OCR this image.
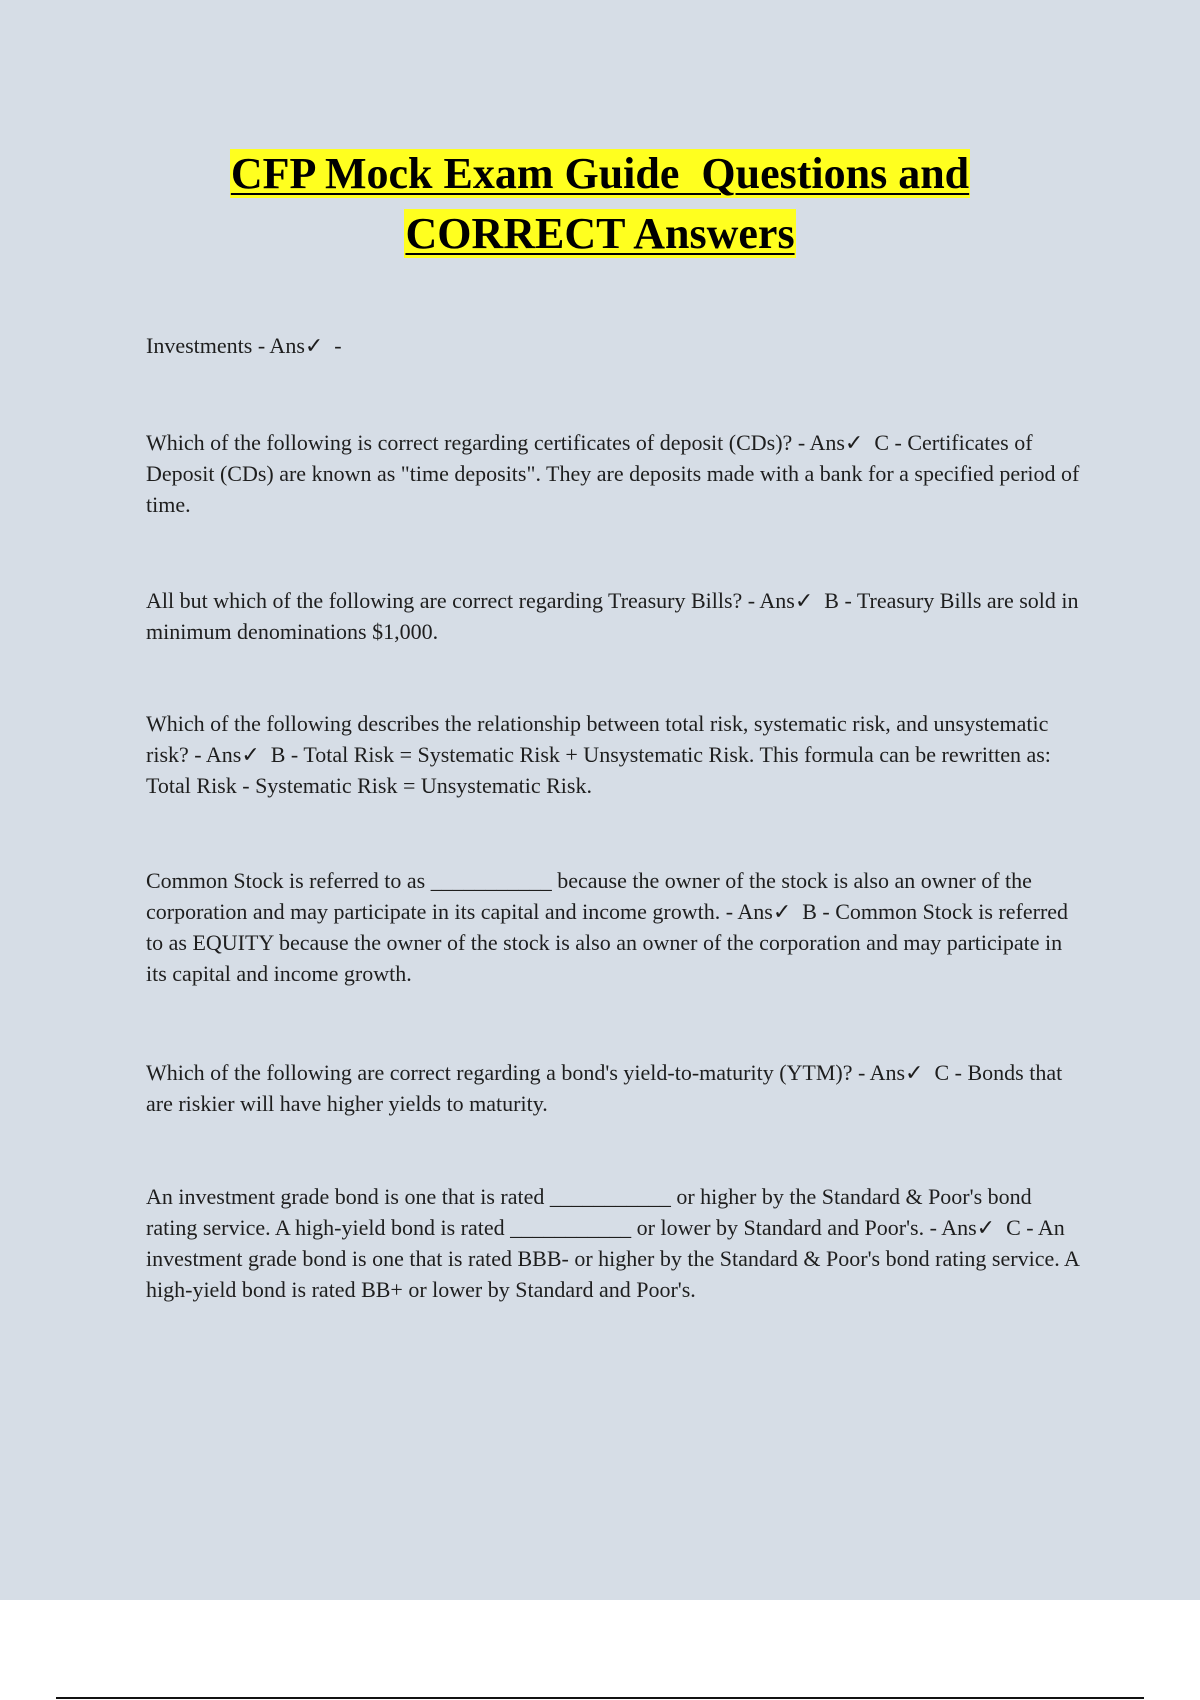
CFP Mock Exam Guide  Questions and
CORRECT Answers
Investments - Ans✓  -
Which of the following is correct regarding certificates of deposit (CDs)? - Ans✓  C - Certificates of Deposit (CDs) are known as "time deposits". They are deposits made with a bank for a specified period of time.
All but which of the following are correct regarding Treasury Bills? - Ans✓  B - Treasury Bills are sold in minimum denominations $1,000.
Which of the following describes the relationship between total risk, systematic risk, and unsystematic risk? - Ans✓  B - Total Risk = Systematic Risk + Unsystematic Risk. This formula can be rewritten as: Total Risk - Systematic Risk = Unsystematic Risk.
Common Stock is referred to as ___________ because the owner of the stock is also an owner of the corporation and may participate in its capital and income growth. - Ans✓  B - Common Stock is referred to as EQUITY because the owner of the stock is also an owner of the corporation and may participate in its capital and income growth.
Which of the following are correct regarding a bond's yield-to-maturity (YTM)? - Ans✓  C - Bonds that are riskier will have higher yields to maturity.
An investment grade bond is one that is rated ___________ or higher by the Standard & Poor's bond rating service. A high-yield bond is rated ___________ or lower by Standard and Poor's. - Ans✓  C - An investment grade bond is one that is rated BBB- or higher by the Standard & Poor's bond rating service. A high-yield bond is rated BB+ or lower by Standard and Poor's.
